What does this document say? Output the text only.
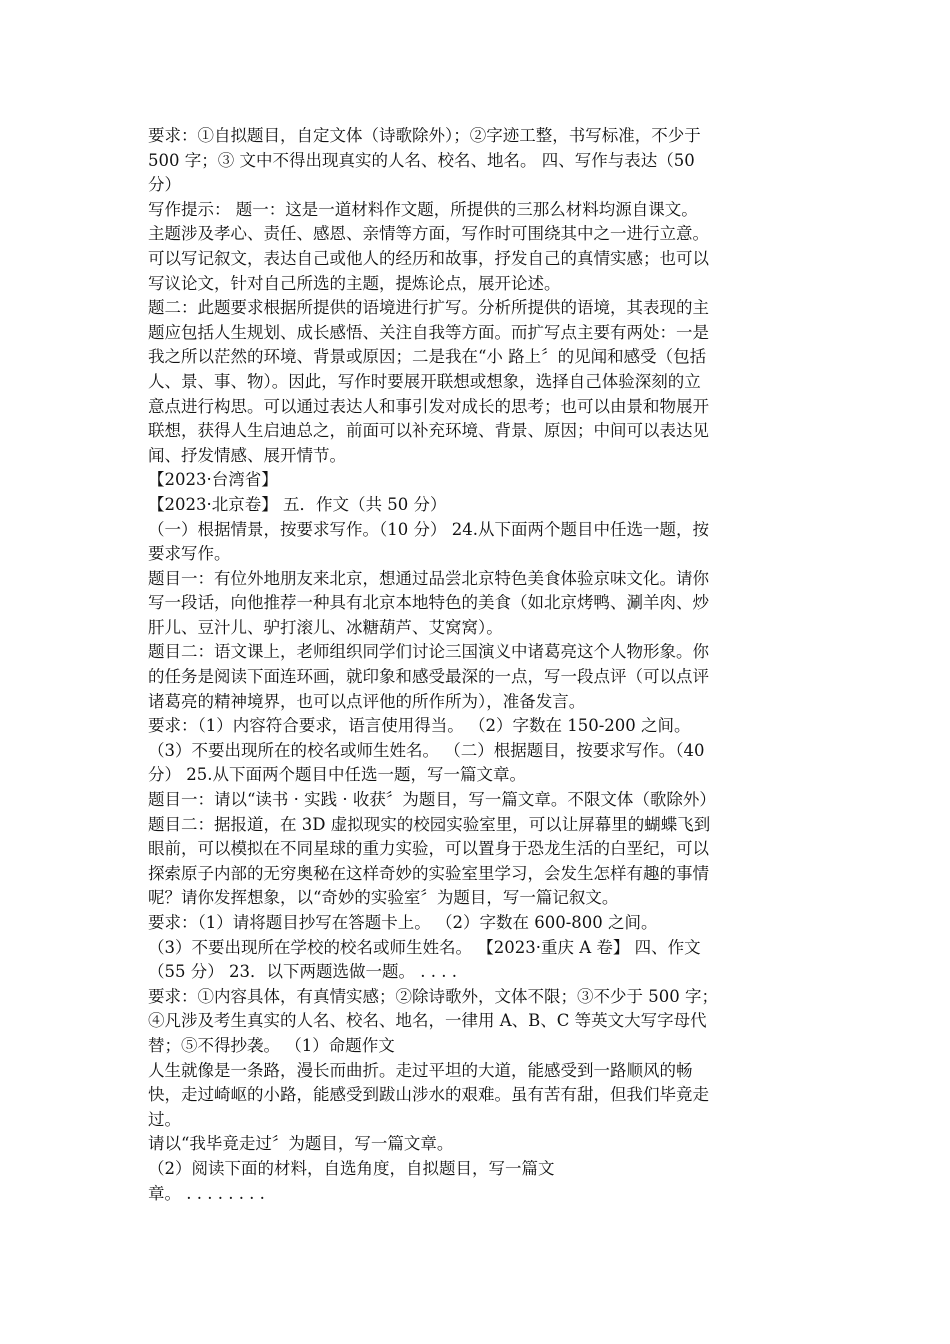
要求：①自拟题目，自定文体（诗歌除外）；②字迹工整，书写标准，不少于
500 字；③ 文中不得出现真实的人名、校名、地名。 四、写作与表达（50
分）
写作提示： 题一：这是一道材料作文题，所提供的三那么材料均源自课文。
主题涉及孝心、责任、感恩、亲情等方面，写作时可围绕其中之一进行立意。
可以写记叙文，表达自己或他人的经历和故事，抒发自己的真情实感；也可以
写议论文，针对自己所选的主题，提炼论点，展开论述。
题二：此题要求根据所提供的语境进行扩写。分析所提供的语境，其表现的主
题应包括人生规划、成长感悟、关注自我等方面。而扩写点主要有两处：一是
我之所以茫然的环境、背景或原因；二是我在“小 路上〞的见闻和感受（包括
人、景、事、物）。因此，写作时要展开联想或想象，选择自己体验深刻的立
意点进行构思。可以通过表达人和事引发对成长的思考；也可以由景和物展开
联想，获得人生启迪总之，前面可以补充环境、背景、原因；中间可以表达见
闻、抒发情感、展开情节。
【2023·台湾省】
【2023·北京卷】 五．作文（共 50 分）
（一）根据情景，按要求写作。（10 分） 24.从下面两个题目中任选一题，按
要求写作。
题目一：有位外地朋友来北京，想通过品尝北京特色美食体验京味文化。请你
写一段话，向他推荐一种具有北京本地特色的美食（如北京烤鸭、涮羊肉、炒
肝儿、豆汁儿、驴打滚儿、冰糖葫芦、艾窝窝）。
题目二：语文课上，老师组织同学们讨论三国演义中诸葛亮这个人物形象。你
的任务是阅读下面连环画，就印象和感受最深的一点，写一段点评（可以点评
诸葛亮的精神境界，也可以点评他的所作所为），准备发言。
要求：（1）内容符合要求，语言使用得当。 （2）字数在 150-200 之间。
（3）不要出现所在的校名或师生姓名。 （二）根据题目，按要求写作。（40
分） 25.从下面两个题目中任选一题，写一篇文章。
题目一：请以“读书 · 实践 · 收获〞为题目，写一篇文章。不限文体（歌除外）
题目二：据报道，在 3D 虚拟现实的校园实验室里，可以让屏幕里的蝴蝶飞到
眼前，可以模拟在不同星球的重力实验，可以置身于恐龙生活的白垩纪，可以
探索原子内部的无穷奥秘在这样奇妙的实验室里学习，会发生怎样有趣的事情
呢？请你发挥想象，以“奇妙的实验室〞为题目，写一篇记叙文。
要求：（1）请将题目抄写在答题卡上。 （2）字数在 600-800 之间。
（3）不要出现所在学校的校名或师生姓名。 【2023·重庆 A 卷】 四、作文
（55 分） 23．以下两题选做一题。 . . . .
要求：①内容具体，有真情实感；②除诗歌外，文体不限；③不少于 500 字；
④凡涉及考生真实的人名、校名、地名，一律用 A、B、C 等英文大写字母代
替；⑤不得抄袭。 （1）命题作文
人生就像是一条路，漫长而曲折。走过平坦的大道，能感受到一路顺风的畅
快，走过崎岖的小路，能感受到跋山涉水的艰难。虽有苦有甜，但我们毕竟走
过。
请以“我毕竟走过〞为题目，写一篇文章。
（2）阅读下面的材料，自选角度，自拟题目，写一篇文
章。 . . . . . . . .
